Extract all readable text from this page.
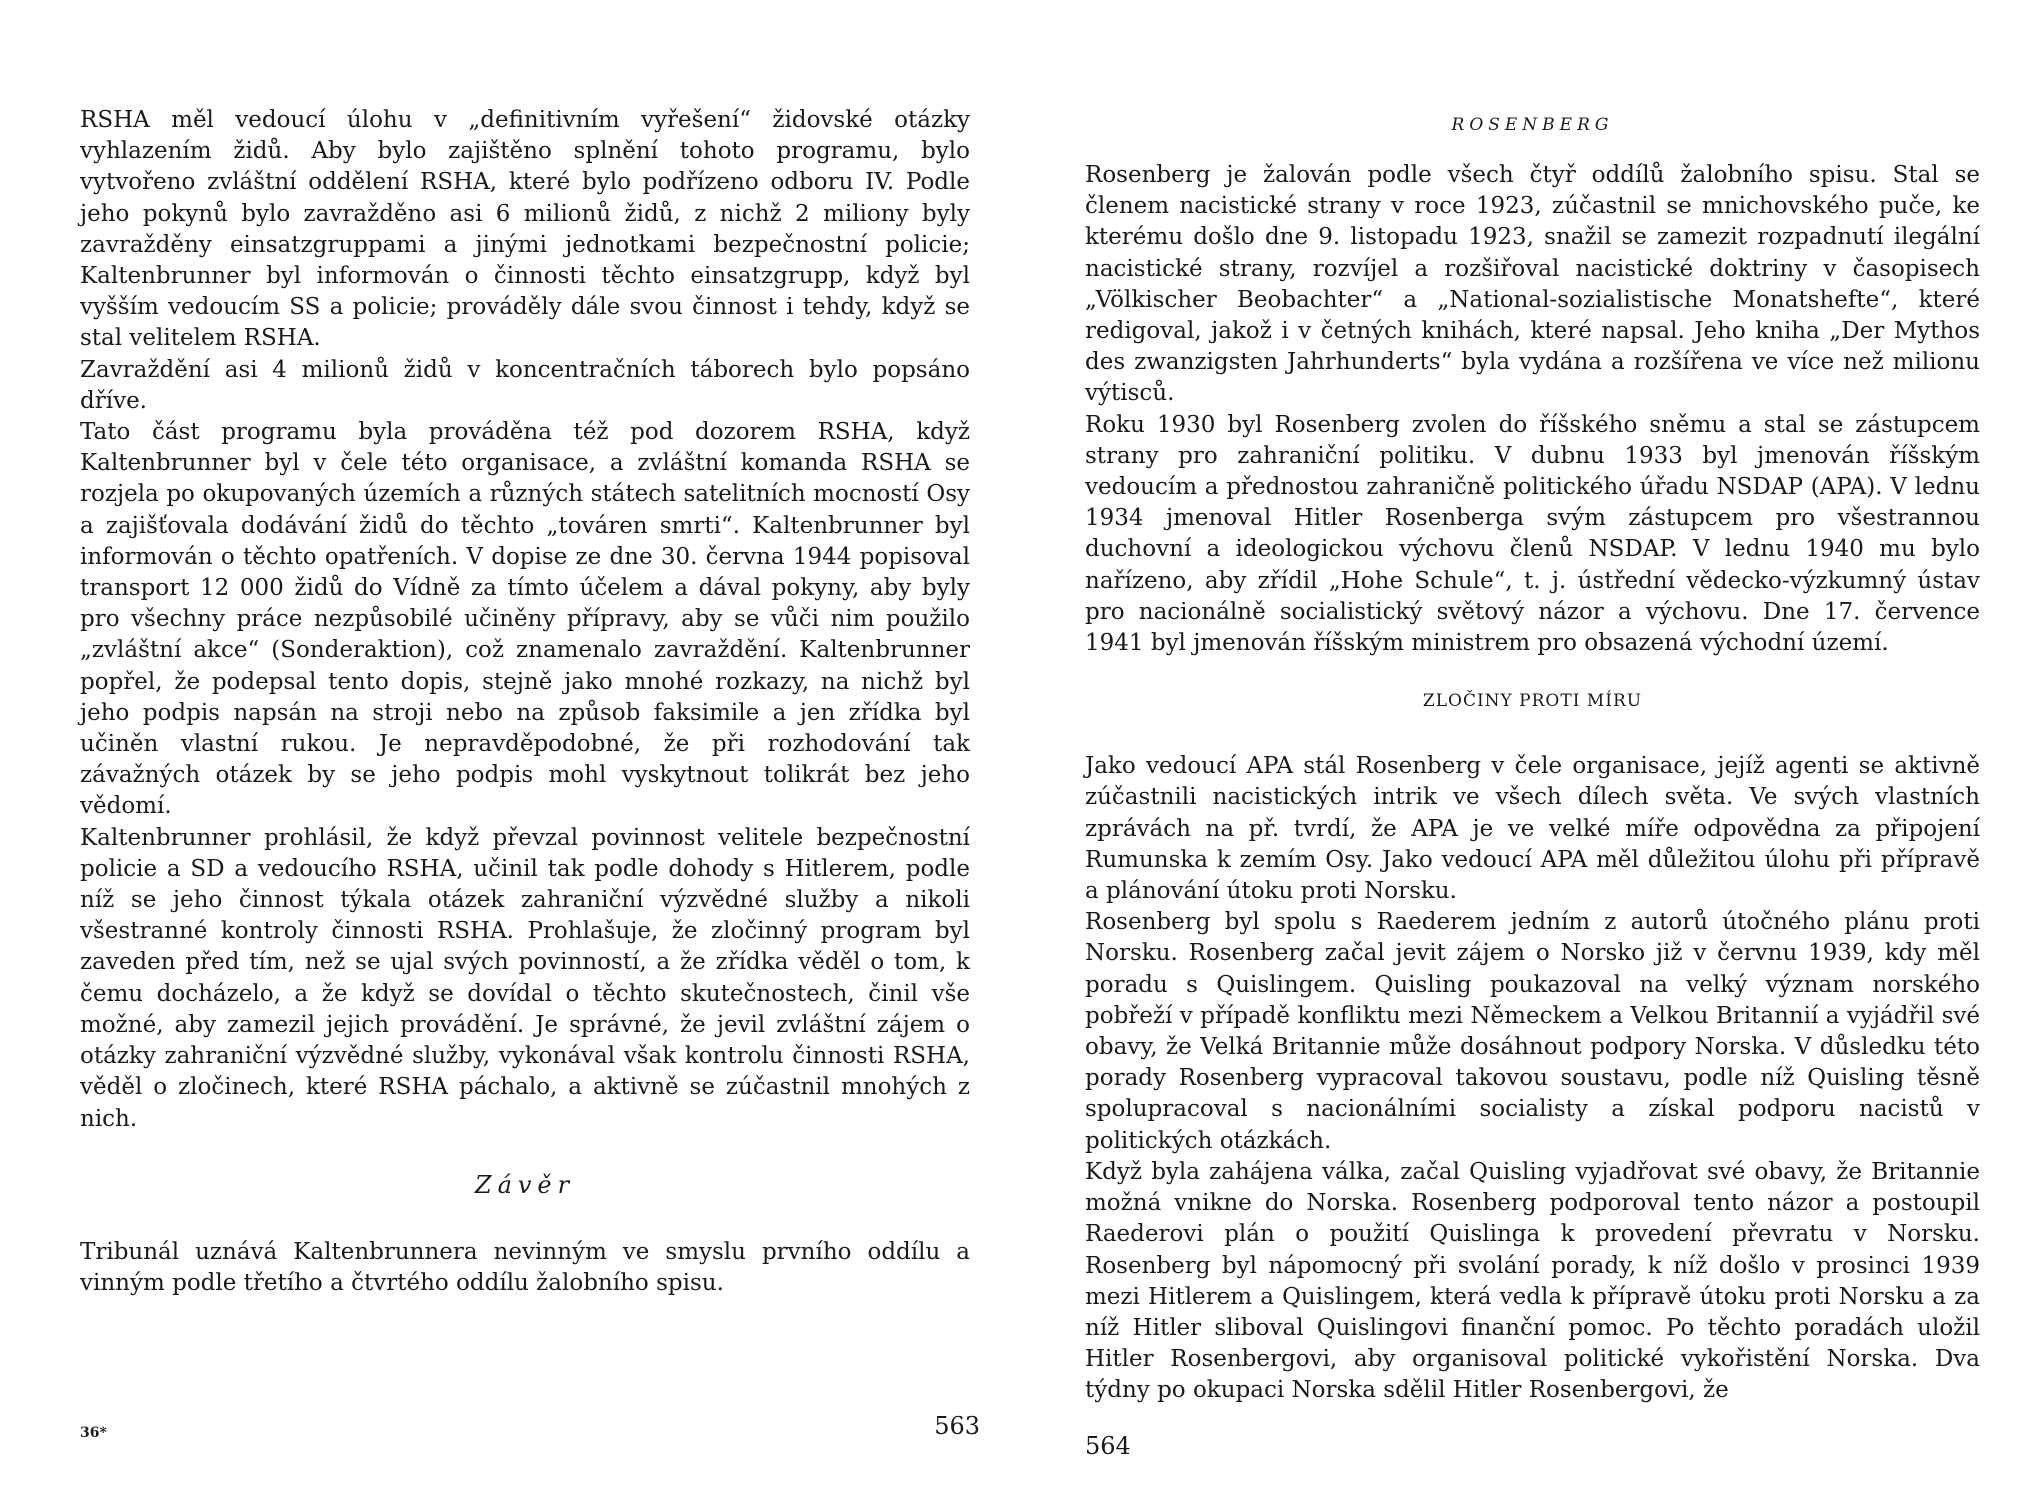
RSHA měl vedoucí úlohu v „definitivním vyřešení“ židovské otázky vyhlazením židů. Aby bylo zajištěno splnění tohoto programu, bylo vytvořeno zvláštní oddělení RSHA, které bylo podřízeno odboru IV. Podle jeho pokynů bylo zavražděno asi 6 milionů židů, z nichž 2 miliony byly zavražděny einsatzgruppami a jinými jednotkami bezpečnostní policie; Kaltenbrunner byl informován o činnosti těchto einsatzgrupp, když byl vyšším vedoucím SS a policie; prováděly dále svou činnost i tehdy, když se stal velitelem RSHA.

Zavraždění asi 4 milionů židů v koncentračních táborech bylo popsáno dříve.

Tato část programu byla prováděna též pod dozorem RSHA, když Kaltenbrunner byl v čele této organisace, a zvláštní komanda RSHA se rozjela po okupovaných územích a různých státech satelitních mocností Osy a zajišťovala dodávání židů do těchto „továren smrti“. Kaltenbrunner byl informován o těchto opatřeních. V dopise ze dne 30. června 1944 popisoval transport 12 000 židů do Vídně za tímto účelem a dával pokyny, aby byly pro všechny práce nezpůsobilé učiněny přípravy, aby se vůči nim použilo „zvláštní akce“ (Sonderaktion), což znamenalo zavraždění. Kaltenbrunner popřel, že podepsal tento dopis, stejně jako mnohé rozkazy, na nichž byl jeho podpis napsán na stroji nebo na způsob faksimile a jen zřídka byl učiněn vlastní rukou. Je nepravděpodobné, že při rozhodování tak závažných otázek by se jeho podpis mohl vyskytnout tolikrát bez jeho vědomí.

Kaltenbrunner prohlásil, že když převzal povinnost velitele bezpečnostní policie a SD a vedoucího RSHA, učinil tak podle dohody s Hitlerem, podle níž se jeho činnost týkala otázek zahraniční výzvědné služby a nikoli všestranné kontroly činnosti RSHA. Prohlašuje, že zločinný program byl zaveden před tím, než se ujal svých povinností, a že zřídka věděl o tom, k čemu docházelo, a že když se dovídal o těchto skutečnostech, činil vše možné, aby zamezil jejich provádění. Je správné, že jevil zvláštní zájem o otázky zahraniční výzvědné služby, vykonával však kontrolu činnosti RSHA, věděl o zločinech, které RSHA páchalo, a aktivně se zúčastnil mnohých z nich.

Závěr

Tribunál uznává Kaltenbrunnera nevinným ve smyslu prvního oddílu a vinným podle třetího a čtvrtého oddílu žalobního spisu.

36*	563
ROSENBERG

Rosenberg je žalován podle všech čtyř oddílů žalobního spisu. Stal se členem nacistické strany v roce 1923, zúčastnil se mnichovského puče, ke kterému došlo dne 9. listopadu 1923, snažil se zamezit rozpadnutí ilegální nacistické strany, rozvíjel a rozšiřoval nacistické doktriny v časopisech „Völkischer Beobachter“ a „National-sozialistische Monatshefte“, které redigoval, jakož i v četných knihách, které napsal. Jeho kniha „Der Mythos des zwanzigsten Jahrhunderts“ byla vydána a rozšířena ve více než milionu výtisců.

Roku 1930 byl Rosenberg zvolen do říšského sněmu a stal se zástupcem strany pro zahraniční politiku. V dubnu 1933 byl jmenován říšským vedoucím a přednostou zahraničně politického úřadu NSDAP (APA). V lednu 1934 jmenoval Hitler Rosenberga svým zástupcem pro všestrannou duchovní a ideologickou výchovu členů NSDAP. V lednu 1940 mu bylo nařízeno, aby zřídil „Hohe Schule“, t. j. ústřední vědecko-výzkumný ústav pro nacionálně socialistický světový názor a výchovu. Dne 17. července 1941 byl jmenován říšským ministrem pro obsazená východní území.

ZLOČINY PROTI MÍRU

Jako vedoucí APA stál Rosenberg v čele organisace, jejíž agenti se aktivně zúčastnili nacistických intrik ve všech dílech světa. Ve svých vlastních zprávách na př. tvrdí, že APA je ve velké míře odpovědna za připojení Rumunska k zemím Osy. Jako vedoucí APA měl důležitou úlohu při přípravě a plánování útoku proti Norsku.

Rosenberg byl spolu s Raederem jedním z autorů útočného plánu proti Norsku. Rosenberg začal jevit zájem o Norsko již v červnu 1939, kdy měl poradu s Quislingem. Quisling poukazoval na velký význam norského pobřeží v případě konfliktu mezi Německem a Velkou Britannií a vyjádřil své obavy, že Velká Britannie může dosáhnout podpory Norska. V důsledku této porady Rosenberg vypracoval takovou soustavu, podle níž Quisling těsně spolupracoval s nacionálními socialisty a získal podporu nacistů v politických otázkách.

Když byla zahájena válka, začal Quisling vyjadřovat své obavy, že Britannie možná vnikne do Norska. Rosenberg podporoval tento názor a postoupil Raederovi plán o použití Quislinga k provedení převratu v Norsku. Rosenberg byl nápomocný při svolání porady, k níž došlo v prosinci 1939 mezi Hitlerem a Quislingem, která vedla k přípravě útoku proti Norsku a za níž Hitler sliboval Quislingovi finanční pomoc. Po těchto poradách uložil Hitler Rosenbergovi, aby organisoval politické vykořistění Norska. Dva týdny po okupaci Norska sdělil Hitler Rosenbergovi, že

564
